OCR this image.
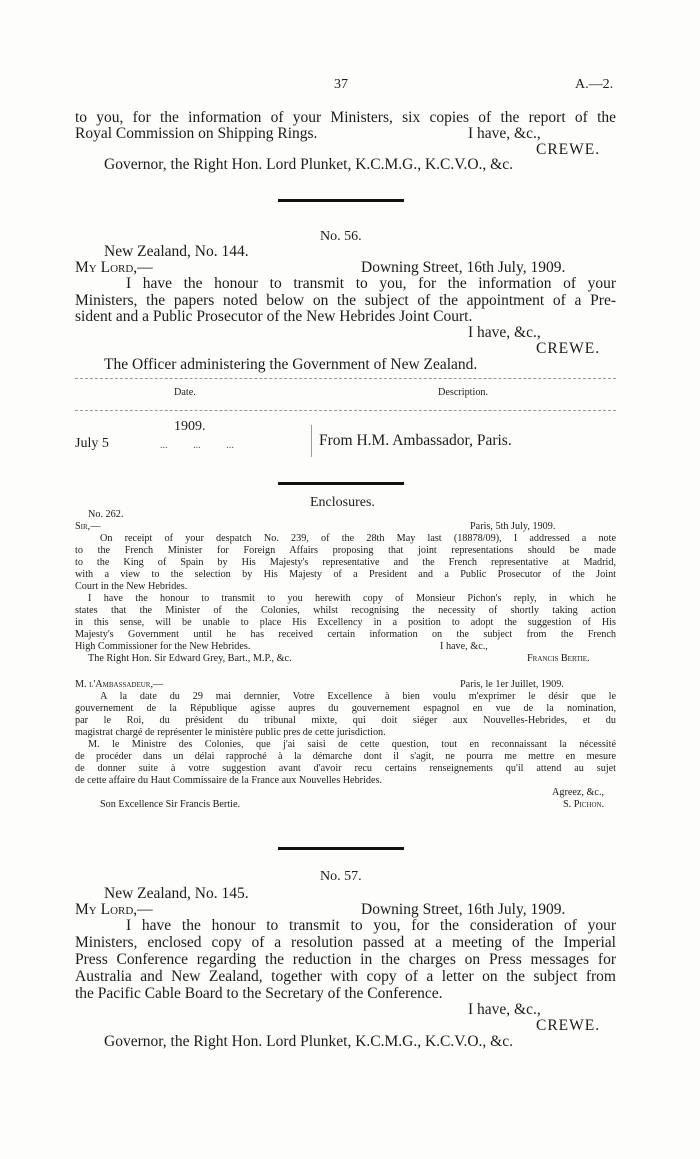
37	A.—2.
to you, for the information of your Ministers, six copies of the report of the
Royal Commission on Shipping Rings.	I have, &c.,
CREWE.
Governor, the Right Hon. Lord Plunket, K.C.M.G., K.C.V.O., &c.
No. 56.
New Zealand, No. 144.
My Lord,—	Downing Street, 16th July, 1909.
I have the honour to transmit to you, for the information of your
Ministers, the papers noted below on the subject of the appointment of a Pre-
sident and a Public Prosecutor of the New Hebrides Joint Court.
I have, &c.,
CREWE.
The Officer administering the Government of New Zealand.
Date.	Description.
1909.
July 5	...          ...          ...	From H.M. Ambassador, Paris.
Enclosures.
No. 262.
Sir,—	Paris, 5th July, 1909.
On receipt of your despatch No. 239, of the 28th May last (18878/09), I addressed a note
to the French Minister for Foreign Affairs proposing that joint representations should be made
to the King of Spain by His Majesty's representative and the French representative at Madrid,
with a view to the selection by His Majesty of a President and a Public Prosecutor of the Joint
Court in the New Hebrides.
I have the honour to transmit to you herewith copy of Monsieur Pichon's reply, in which he
states that the Minister of the Colonies, whilst recognising the necessity of shortly taking action
in this sense, will be unable to place His Excellency in a position to adopt the suggestion of His
Majesty's Government until he has received certain information on the subject from the French
High Commissioner for the New Hebrides.	I have, &c.,
The Right Hon. Sir Edward Grey, Bart., M.P., &c.	Francis Bertie.
M. l'Ambassadeur,—	Paris, le 1er Juillet, 1909.
A la date du 29 mai dernnier, Votre Excellence à bien voulu m'exprimer le désir que le
gouvernement de la République agisse aupres du gouvernement espagnol en vue de la nomination,
par le Roi, du président du tribunal mixte, qui doit siéger aux Nouvelles-Hebrides, et du
magistrat chargé de représenter le ministère public pres de cette jurisdiction.
M. le Ministre des Colonies, que j'ai saisi de cette question, tout en reconnaissant la nécessité
de procéder dans un délai rapproché à la démarche dont il s'agit, ne pourra me mettre en mesure
de donner suite à votre suggestion avant d'avoir recu certains renseignements qu'il attend au sujet
de cette affaire du Haut Commissaire de la France aux Nouvelles Hebrides.
Agreez, &c.,
Son Excellence Sir Francis Bertie.	S. Pichon.
No. 57.
New Zealand, No. 145.
My Lord,—	Downing Street, 16th July, 1909.
I have the honour to transmit to you, for the consideration of your
Ministers, enclosed copy of a resolution passed at a meeting of the Imperial
Press Conference regarding the reduction in the charges on Press messages for
Australia and New Zealand, together with copy of a letter on the subject from
the Pacific Cable Board to the Secretary of the Conference.
I have, &c.,
CREWE.
Governor, the Right Hon. Lord Plunket, K.C.M.G., K.C.V.O., &c.
